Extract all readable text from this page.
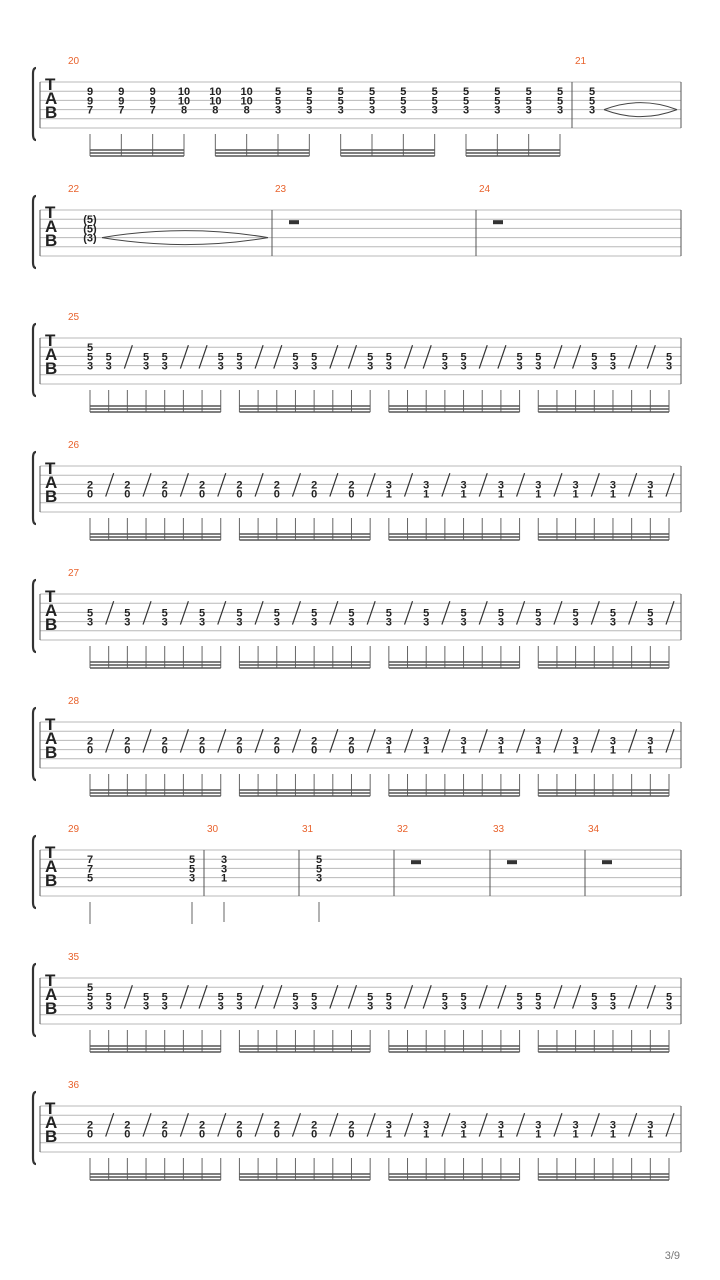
T
A
B
20
9
9
7
9
9
7
9
9
7
10
10
8
10
10
8
10
10
8
5
5
3
5
5
3
5
5
3
5
5
3
5
5
3
5
5
3
5
5
3
5
5
3
5
5
3
5
5
3
21
5
5
3
T
A
B
22
(5)
(5)
(3)
23	24
T
A
B
25
5
5
3
5
3
5
3
5
3
5
3
5
3
5
3
5
3
5
3
5
3
5
3
5
3
5
3
5
3
5
3
5
3
5
3
T
A
B
26
2
0
2
0
2
0
2
0
2
0
2
0
2
0
2
0
3
1
3
1
3
1
3
1
3
1
3
1
3
1
3
1
T
A
B
27
5
3
5
3
5
3
5
3
5
3
5
3
5
3
5
3
5
3
5
3
5
3
5
3
5
3
5
3
5
3
5
3
T
A
B
28
2
0
2
0
2
0
2
0
2
0
2
0
2
0
2
0
3
1
3
1
3
1
3
1
3
1
3
1
3
1
3
1
T
A
B
29
7
7
5
5
5
3
30
3
3
1
31
5
5
3
32	33	34
T
A
B
35
5
5
3
5
3
5
3
5
3
5
3
5
3
5
3
5
3
5
3
5
3
5
3
5
3
5
3
5
3
5
3
5
3
5
3
T
A
B
36
2
0
2
0
2
0
2
0
2
0
2
0
2
0
2
0
3
1
3
1
3
1
3
1
3
1
3
1
3
1
3
1
3/9
